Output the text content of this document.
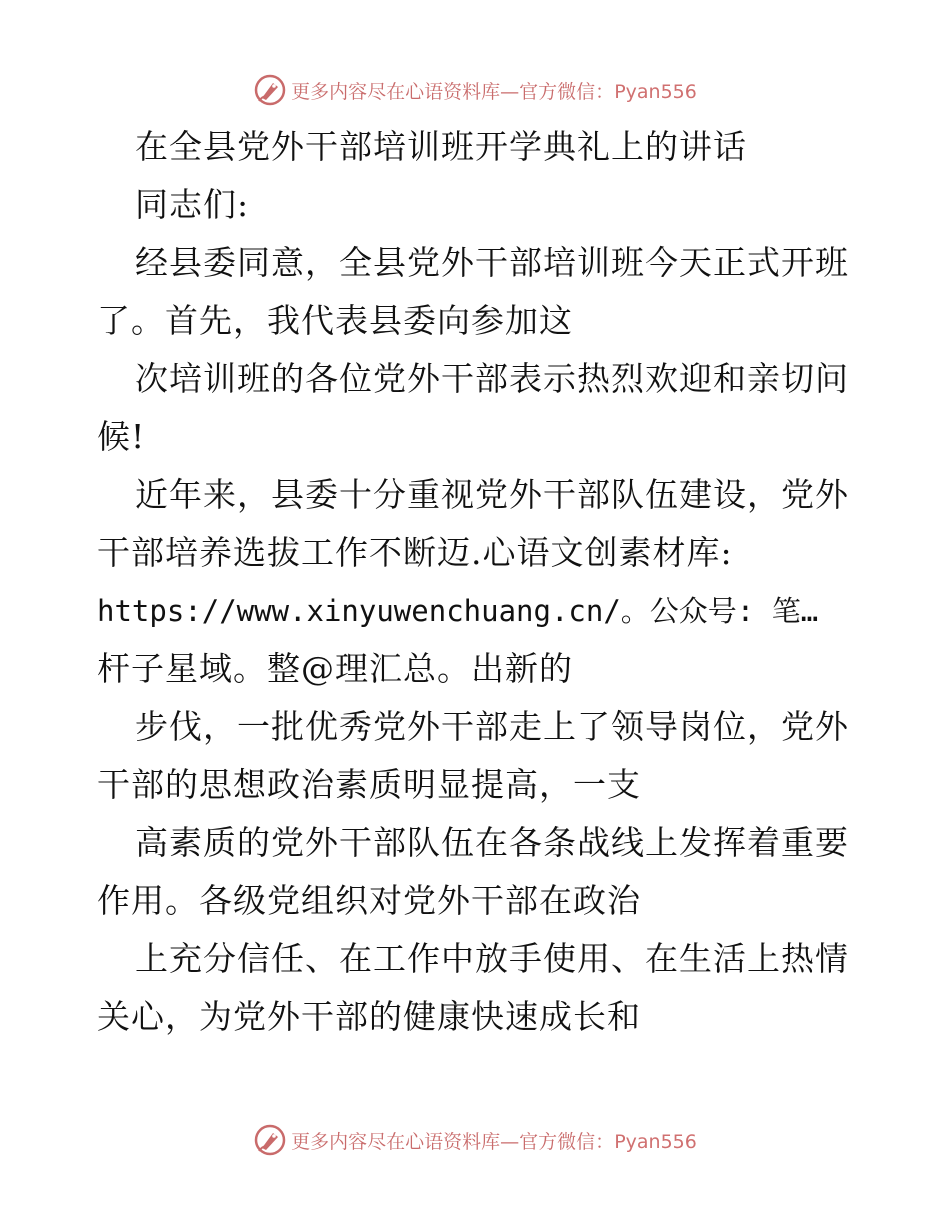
更多内容尽在心语资料库—官方微信：Pyan556
在全县党外干部培训班开学典礼上的讲话
同志们:
经县委同意，全县党外干部培训班今天正式开班
了。首先，我代表县委向参加这
次培训班的各位党外干部表示热烈欢迎和亲切问
候!
近年来，县委十分重视党外干部队伍建设，党外
干部培养选拔工作不断迈.心语文创素材库:
https://www.xinyuwenchuang.cn/。公众号: 笔…
杆子星域。整@理汇总。出新的
步伐，一批优秀党外干部走上了领导岗位，党外
干部的思想政治素质明显提高，一支
高素质的党外干部队伍在各条战线上发挥着重要
作用。各级党组织对党外干部在政治
上充分信任、在工作中放手使用、在生活上热情
关心，为党外干部的健康快速成长和
更多内容尽在心语资料库—官方微信：Pyan556
